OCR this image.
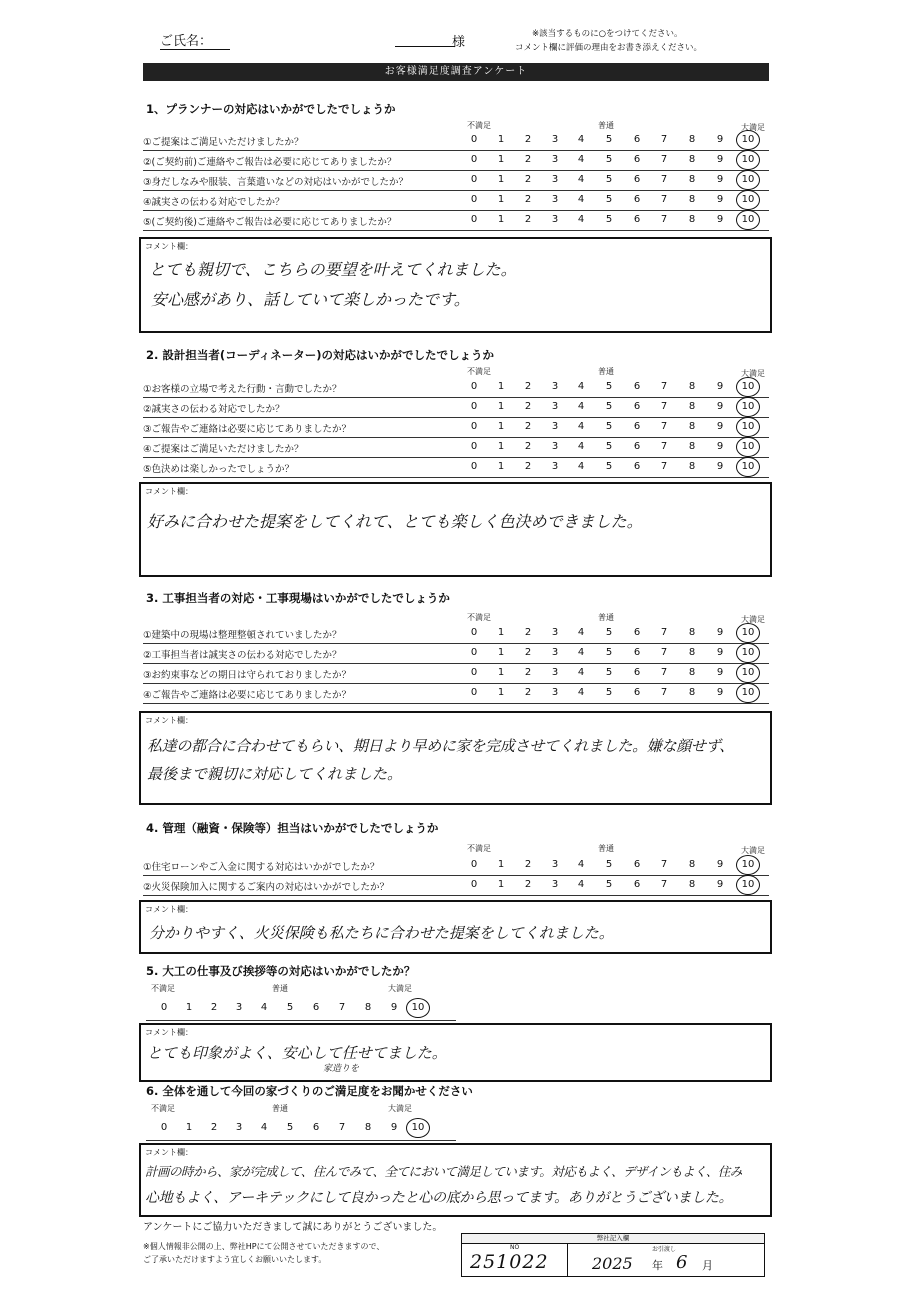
ご氏名：	様
※該当するものに○をつけてください。
コメント欄に評価の理由をお書き添えください。
お客様満足度調査アンケート
1、プランナーの対応はいかがでしたでしょうか
不満足	普通	大満足
①ご提案はご満足いただけましたか？	0	1	2	3	4	5	6	7	8	9	10
②(ご契約前)ご連絡やご報告は必要に応じてありましたか？	0	1	2	3	4	5	6	7	8	9	10
③身だしなみや服装、言葉遣いなどの対応はいかがでしたか？	0	1	2	3	4	5	6	7	8	9	10
④誠実さの伝わる対応でしたか？	0	1	2	3	4	5	6	7	8	9	10
⑤(ご契約後)ご連絡やご報告は必要に応じてありましたか？	0	1	2	3	4	5	6	7	8	9	10
コメント欄：
とても親切で、こちらの要望を叶えてくれました。
安心感があり、話していて楽しかったです。
2. 設計担当者(コーディネーター)の対応はいかがでしたでしょうか
不満足	普通	大満足
①お客様の立場で考えた行動・言動でしたか？	0	1	2	3	4	5	6	7	8	9	10
②誠実さの伝わる対応でしたか？	0	1	2	3	4	5	6	7	8	9	10
③ご報告やご連絡は必要に応じてありましたか？	0	1	2	3	4	5	6	7	8	9	10
④ご提案はご満足いただけましたか？	0	1	2	3	4	5	6	7	8	9	10
⑤色決めは楽しかったでしょうか？	0	1	2	3	4	5	6	7	8	9	10
コメント欄：
好みに合わせた提案をしてくれて、とても楽しく色決めできました。
3. 工事担当者の対応・工事現場はいかがでしたでしょうか
不満足	普通	大満足
①建築中の現場は整理整頓されていましたか？	0	1	2	3	4	5	6	7	8	9	10
②工事担当者は誠実さの伝わる対応でしたか？	0	1	2	3	4	5	6	7	8	9	10
③お約束事などの期日は守られておりましたか？	0	1	2	3	4	5	6	7	8	9	10
④ご報告やご連絡は必要に応じてありましたか？	0	1	2	3	4	5	6	7	8	9	10
コメント欄：
私達の都合に合わせてもらい、期日より早めに家を完成させてくれました。嫌な顔せず、
最後まで親切に対応してくれました。
4. 管理（融資・保険等）担当はいかがでしたでしょうか
不満足	普通	大満足
①住宅ローンやご入金に関する対応はいかがでしたか？	0	1	2	3	4	5	6	7	8	9	10
②火災保険加入に関するご案内の対応はいかがでしたか？	0	1	2	3	4	5	6	7	8	9	10
コメント欄：
分かりやすく、火災保険も私たちに合わせた提案をしてくれました。
5. 大工の仕事及び挨拶等の対応はいかがでしたか？
不満足	普通	大満足
0	1	2	3	4	5	6	7	8	9	10
コメント欄：
とても印象がよく、安心して任せてました。
家造りを
6. 全体を通して今回の家づくりのご満足度をお聞かせください
不満足	普通	大満足
0	1	2	3	4	5	6	7	8	9	10
コメント欄：
計画の時から、家が完成して、住んでみて、全てにおいて満足しています。対応もよく、デザインもよく、住み
心地もよく、アーキテックにして良かったと心の底から思ってます。ありがとうございました。
アンケートにご協力いただきまして誠にありがとうございました。
※個人情報非公開の上、弊社HPにて公開させていただきますので、
ご了承いただけますよう宜しくお願いいたします。
弊社記入欄
NO	お引渡し
251022	2025 年 6 月
